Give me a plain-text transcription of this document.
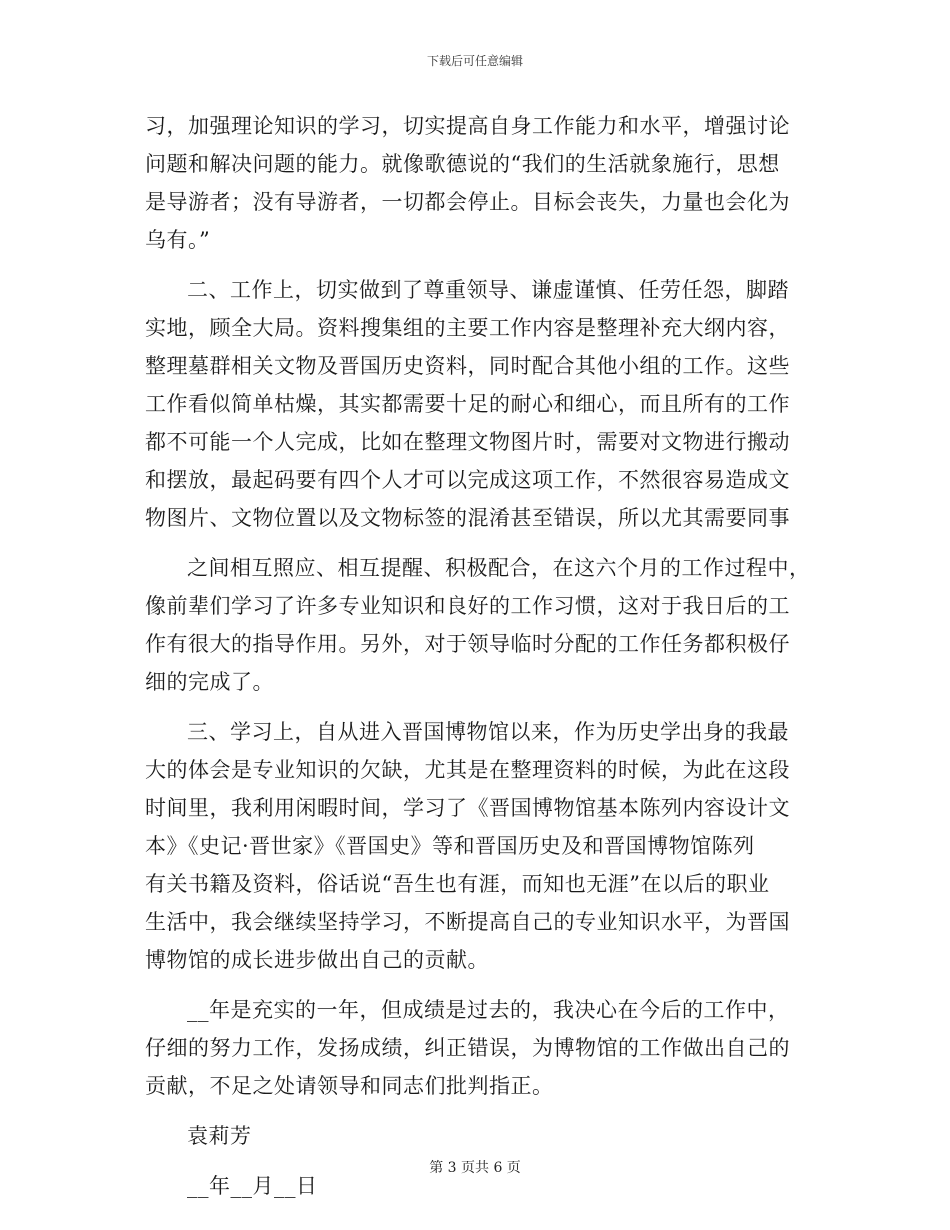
下载后可任意编辑
习，加强理论知识的学习，切实提高自身工作能力和水平，增强讨论
问题和解决问题的能力。就像歌德说的“我们的生活就象施行，思想
是导游者；没有导游者，一切都会停止。目标会丧失，力量也会化为
乌有。”
二、工作上，切实做到了尊重领导、谦虚谨慎、任劳任怨，脚踏
实地，顾全大局。资料搜集组的主要工作内容是整理补充大纲内容，
整理墓群相关文物及晋国历史资料，同时配合其他小组的工作。这些
工作看似简单枯燥，其实都需要十足的耐心和细心，而且所有的工作
都不可能一个人完成，比如在整理文物图片时，需要对文物进行搬动
和摆放，最起码要有四个人才可以完成这项工作，不然很容易造成文
物图片、文物位置以及文物标签的混淆甚至错误，所以尤其需要同事
之间相互照应、相互提醒、积极配合，在这六个月的工作过程中，
像前辈们学习了许多专业知识和良好的工作习惯，这对于我日后的工
作有很大的指导作用。另外，对于领导临时分配的工作任务都积极仔
细的完成了。
三、学习上，自从进入晋国博物馆以来，作为历史学出身的我最
大的体会是专业知识的欠缺，尤其是在整理资料的时候，为此在这段
时间里，我利用闲暇时间，学习了《晋国博物馆基本陈列内容设计文
本》《史记·晋世家》《晋国史》等和晋国历史及和晋国博物馆陈列
有关书籍及资料，俗话说“吾生也有涯，而知也无涯”在以后的职业
生活中，我会继续坚持学习，不断提高自己的专业知识水平，为晋国
博物馆的成长进步做出自己的贡献。
__年是充实的一年，但成绩是过去的，我决心在今后的工作中，
仔细的努力工作，发扬成绩，纠正错误，为博物馆的工作做出自己的
贡献，不足之处请领导和同志们批判指正。
袁莉芳
__年__月__日
第 3 页共 6 页
